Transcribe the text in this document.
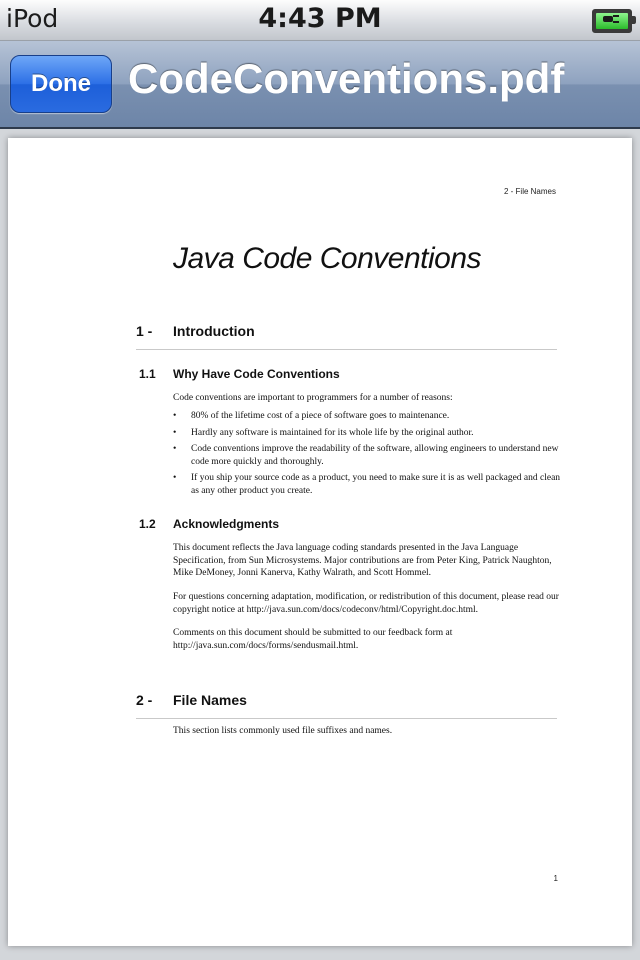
iPod	4:43 PM
Done CodeConventions.pdf
2 - File Names
Java Code Conventions
1 - Introduction
1.1 Why Have Code Conventions
Code conventions are important to programmers for a number of reasons:
• 80% of the lifetime cost of a piece of software goes to maintenance.
• Hardly any software is maintained for its whole life by the original author.
• Code conventions improve the readability of the software, allowing engineers to understand new code more quickly and thoroughly.
• If you ship your source code as a product, you need to make sure it is as well packaged and clean as any other product you create.
1.2 Acknowledgments
This document reflects the Java language coding standards presented in the Java Language Specification, from Sun Microsystems. Major contributions are from Peter King, Patrick Naughton, Mike DeMoney, Jonni Kanerva, Kathy Walrath, and Scott Hommel.
For questions concerning adaptation, modification, or redistribution of this document, please read our copyright notice at http://java.sun.com/docs/codeconv/html/Copyright.doc.html.
Comments on this document should be submitted to our feedback form at http://java.sun.com/docs/forms/sendusmail.html.
2 - File Names
This section lists commonly used file suffixes and names.
1
